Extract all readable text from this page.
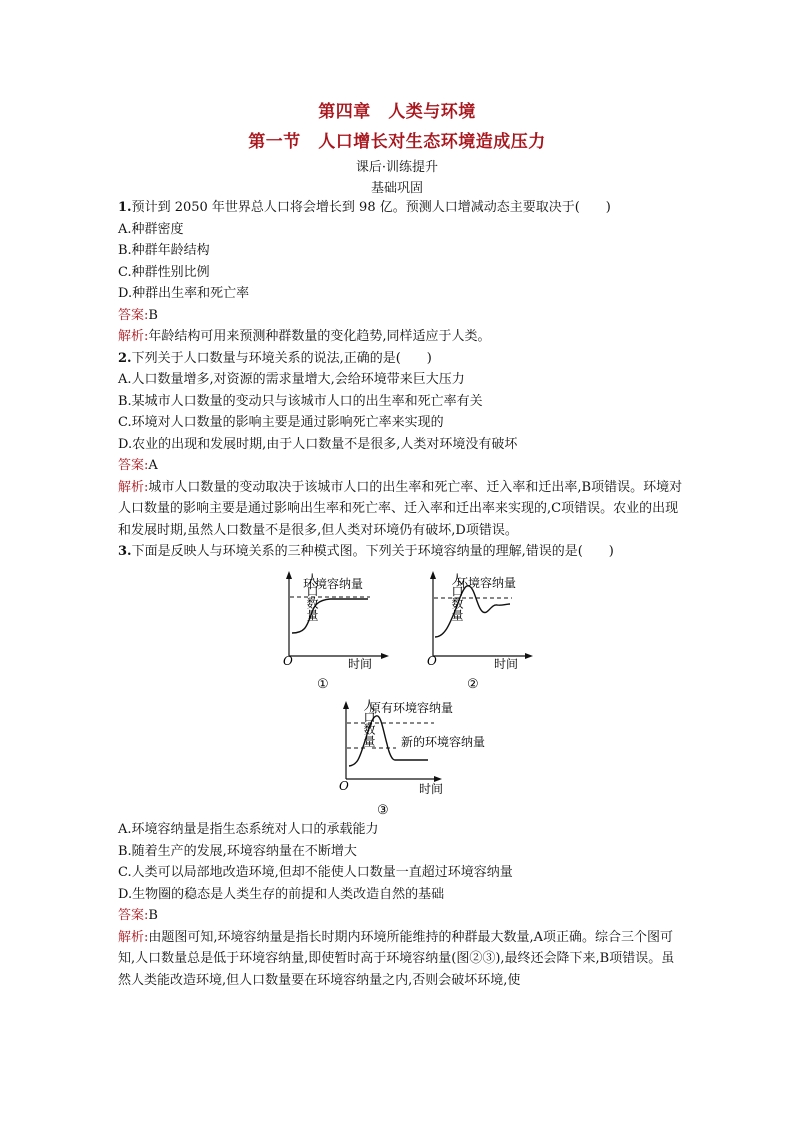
第四章　人类与环境
第一节　人口增长对生态环境造成压力
课后·训练提升
基础巩固
1.预计到 2050 年世界总人口将会增长到 98 亿。预测人口增减动态主要取决于(　　)
A.种群密度
B.种群年龄结构
C.种群性别比例
D.种群出生率和死亡率
答案:B
解析:年龄结构可用来预测种群数量的变化趋势,同样适应于人类。
2.下列关于人口数量与环境关系的说法,正确的是(　　)
A.人口数量增多,对资源的需求量增大,会给环境带来巨大压力
B.某城市人口数量的变动只与该城市人口的出生率和死亡率有关
C.环境对人口数量的影响主要是通过影响死亡率来实现的
D.农业的出现和发展时期,由于人口数量不是很多,人类对环境没有破坏
答案:A
解析:城市人口数量的变动取决于该城市人口的出生率和死亡率、迁入率和迁出率,B项错误。环境对人口数量的影响主要是通过影响出生率和死亡率、迁入率和迁出率来实现的,C项错误。农业的出现和发展时期,虽然人口数量不是很多,但人类对环境仍有破坏,D项错误。
3.下面是反映人与环境关系的三种模式图。下列关于环境容纳量的理解,错误的是(　　)
环境容纳量
人口数量
O	时间
①
环境容纳量
人口数量
O	时间
②
原有环境容纳量
新的环境容纳量
人口数量
O	时间
③
A.环境容纳量是指生态系统对人口的承载能力
B.随着生产的发展,环境容纳量在不断增大
C.人类可以局部地改造环境,但却不能使人口数量一直超过环境容纳量
D.生物圈的稳态是人类生存的前提和人类改造自然的基础
答案:B
解析:由题图可知,环境容纳量是指长时期内环境所能维持的种群最大数量,A项正确。综合三个图可知,人口数量总是低于环境容纳量,即使暂时高于环境容纳量(图②③),最终还会降下来,B项错误。虽然人类能改造环境,但人口数量要在环境容纳量之内,否则会破坏环境,使
